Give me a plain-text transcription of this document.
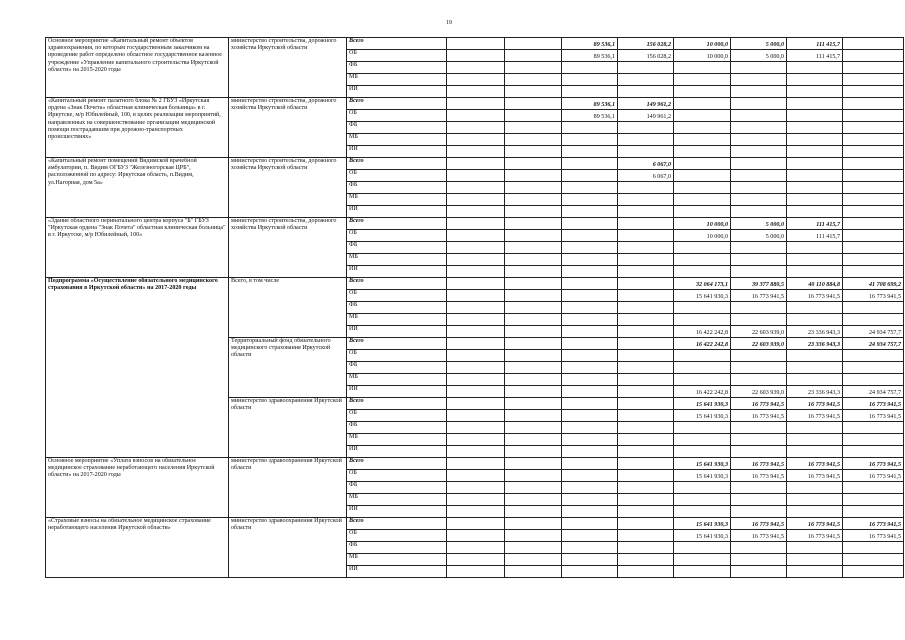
19
Основное мероприятие «Капитальный ремонт объектов здравоохранения, по которым государственным заказчиком на проведение работ определено областное государственное казенное учреждение «Управление капитального строительства Иркутской области» на 2015-2020 годы	министерство строительства, дорожного хозяйства Иркутской области	Всего			89 536,1	156 028,2	10 000,0	5 000,0	111 415,7	
		ОБ			89 536,1	156 028,2	10 000,0	5 000,0	111 415,7	
		ФБ								
		МБ								
		ИИ								
«Капитальный ремонт палатного блока № 2 ГБУЗ «Иркутская ордена «Знак Почета» областная клиническая больница» в г. Иркутске, м/р Юбилейный, 100, в целях реализации мероприятий, направленных на совершенствование организации медицинской помощи пострадавшим при дорожно-транспортных происшествиях»	министерство строительства, дорожного хозяйства Иркутской области	Всего			89 536,1	149 961,2				
		ОБ			89 536,1	149 961,2				
		ФБ								
		МБ								
		ИИ								
«Капитальный ремонт помещений Видимской врачебной амбулатории, п. Видим ОГБУЗ "Железногорская ЦРБ", расположенной по адресу: Иркутская область, п.Видим, ул.Нагорная, дом 5а»	министерство строительства, дорожного хозяйства Иркутской области	Всего				6 067,0				
		ОБ				6 067,0				
		ФБ								
		МБ								
		ИИ								
«Здание областного перинатального центра корпуса "Б" ГБУЗ "Иркутская ордена "Знак Почета" областная клиническая больница" в г. Иркутске, м/р Юбилейный, 100»	министерство строительства, дорожного хозяйства Иркутской области	Всего					10 000,0	5 000,0	111 415,7	
		ОБ					10 000,0	5 000,0	111 415,7	
		ФБ								
		МБ								
		ИИ								
Подпрограмма «Осуществление обязательного медицинского страхования в Иркутской области» на 2017-2020 годы	Всего, в том числе	Всего					32 064 173,1	39 377 880,5	40 110 884,8	41 708 699,2
		ОБ					15 641 930,3	16 773 941,5	16 773 941,5	16 773 941,5
		ФБ								
		МБ								
		ИИ					16 422 242,8	22 603 939,0	23 336 943,3	24 934 757,7
	Территориальный фонд обязательного медицинского страхования Иркутской области	Всего					16 422 242,8	22 603 939,0	23 336 943,3	24 934 757,7
		ОБ								
		ФБ								
		МБ								
		ИИ					16 422 242,8	22 603 939,0	23 336 943,3	24 934 757,7
	министерство здравоохранения Иркутской области	Всего					15 641 930,3	16 773 941,5	16 773 941,5	16 773 941,5
		ОБ					15 641 930,3	16 773 941,5	16 773 941,5	16 773 941,5
		ФБ								
		МБ								
		ИИ								
Основное мероприятие «Уплата взносов на обязательное медицинское страхование неработающего населения Иркутской области» на 2017-2020 годы	министерство здравоохранения Иркутской области	Всего					15 641 930,3	16 773 941,5	16 773 941,5	16 773 941,5
		ОБ					15 641 930,3	16 773 941,5	16 773 941,5	16 773 941,5
		ФБ								
		МБ								
		ИИ								
«Страховые взносы на обязательное медицинское страхование неработающего населения Иркутской области»	министерство здравоохранения Иркутской области	Всего					15 641 930,3	16 773 941,5	16 773 941,5	16 773 941,5
		ОБ					15 641 930,3	16 773 941,5	16 773 941,5	16 773 941,5
		ФБ								
		МБ								
		ИИ								
